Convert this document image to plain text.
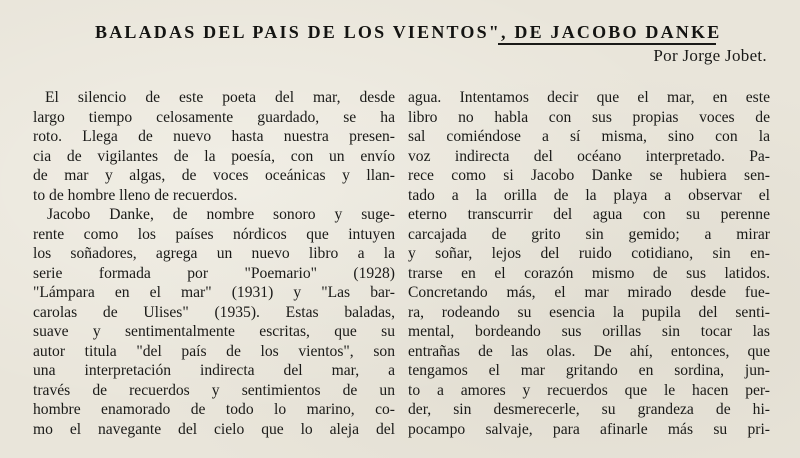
BALADAS DEL PAIS DE LOS VIENTOS", DE JACOBO DANKE
Por Jorge Jobet.
El silencio de este poeta del mar, desde
largo tiempo celosamente guardado, se ha
roto. Llega de nuevo hasta nuestra presen-
cia de vigilantes de la poesía, con un envío
de mar y algas, de voces oceánicas y llan-
to de hombre lleno de recuerdos.
Jacobo Danke, de nombre sonoro y suge-
rente como los países nórdicos que intuyen
los soñadores, agrega un nuevo libro a la
serie formada por "Poemario" (1928)
"Lámpara en el mar" (1931) y "Las bar-
carolas de Ulises" (1935). Estas baladas,
suave y sentimentalmente escritas, que su
autor titula "del país de los vientos", son
una interpretación indirecta del mar, a
través de recuerdos y sentimientos de un
hombre enamorado de todo lo marino, co-
mo el navegante del cielo que lo aleja del
agua. Intentamos decir que el mar, en este
libro no habla con sus propias voces de
sal comiéndose a sí misma, sino con la
voz indirecta del océano interpretado. Pa-
rece como si Jacobo Danke se hubiera sen-
tado a la orilla de la playa a observar el
eterno transcurrir del agua con su perenne
carcajada de grito sin gemido; a mirar
y soñar, lejos del ruido cotidiano, sin en-
trarse en el corazón mismo de sus latidos.
Concretando más, el mar mirado desde fue-
ra, rodeando su esencia la pupila del senti-
mental, bordeando sus orillas sin tocar las
entrañas de las olas. De ahí, entonces, que
tengamos el mar gritando en sordina, jun-
to a amores y recuerdos que le hacen per-
der, sin desmerecerle, su grandeza de hi-
pocampo salvaje, para afinarle más su pri-
